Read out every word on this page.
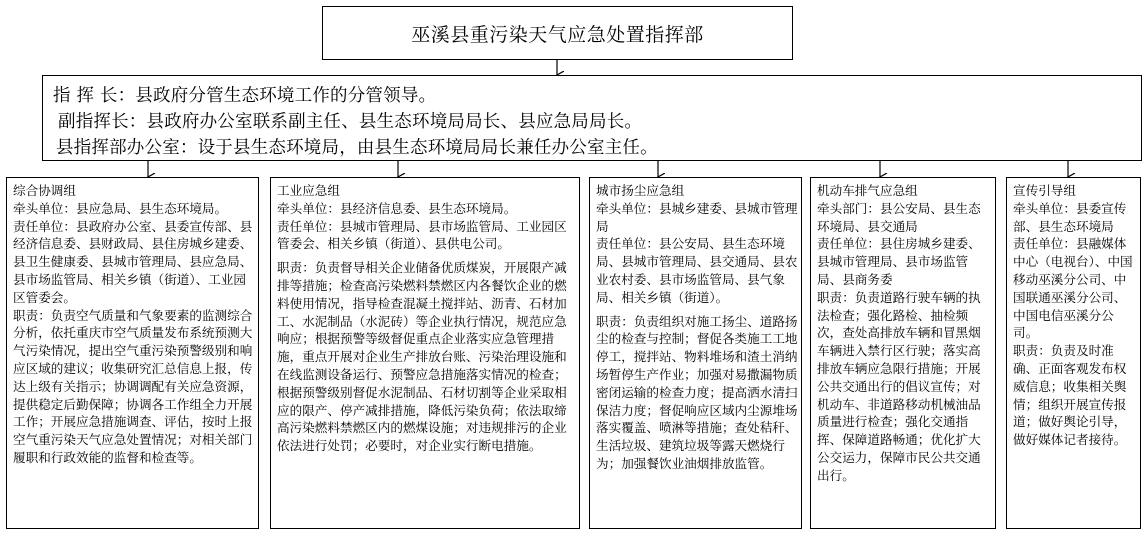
巫溪县重污染天气应急处置指挥部
指 挥 长：县政府分管生态环境工作的分管领导。
副指挥长：县政府办公室联系副主任、县生态环境局局长、县应急局局长。
县指挥部办公室：设于县生态环境局，由县生态环境局局长兼任办公室主任。

综合协调组

牵头单位：县应急局、县生态环境局。

责任单位：县政府办公室、县委宣传部、县经济信息委、县财政局、县住房城乡建委、县卫生健康委、县城市管理局、县应急局、县市场监管局、相关乡镇（街道）、工业园区管委会。

职责：负责空气质量和气象要素的监测综合分析，依托重庆市空气质量发布系统预测大气污染情况，提出空气重污染预警级别和响应区域的建议；收集研究汇总信息上报，传达上级有关指示；协调调配有关应急资源，提供稳定后勤保障；协调各工作组全力开展工作；开展应急措施调查、评估，按时上报空气重污染天气应急处置情况；对相关部门履职和行政效能的监督和检查等。

工业应急组

牵头单位：县经济信息委、县生态环境局。

责任单位：县城市管理局、县市场监管局、工业园区管委会、相关乡镇（街道）、县供电公司。

职责：负责督导相关企业储备优质煤炭，开展限产减排等措施；检查高污染燃料禁燃区内各餐饮企业的燃料使用情况，指导检查混凝土搅拌站、沥青、石材加工、水泥制品（水泥砖）等企业执行情况，规范应急响应；根据预警等级督促重点企业落实应急管理措施，重点开展对企业生产排放台账、污染治理设施和在线监测设备运行、预警应急措施落实情况的检查；根据预警级别督促水泥制品、石材切割等企业采取相应的限产、停产减排措施，降低污染负荷；依法取缔高污染燃料禁燃区内的燃煤设施；对违规排污的企业依法进行处罚；必要时，对企业实行断电措施。

城市扬尘应急组

牵头单位：县城乡建委、县城市管理局

责任单位：县公安局、县生态环境局、县城市管理局、县交通局、县农业农村委、县市场监管局、县气象局、相关乡镇（街道）。

职责：负责组织对施工扬尘、道路扬尘的检查与控制；督促各类施工工地停工，搅拌站、物料堆场和渣土消纳场暂停生产作业；加强对易撒漏物质密闭运输的检查力度；提高洒水清扫保洁力度；督促响应区域内尘源堆场落实覆盖、喷淋等措施；查处秸秆、生活垃圾、建筑垃圾等露天燃烧行为；加强餐饮业油烟排放监管。

机动车排气应急组

牵头部门：县公安局、县生态环境局、县交通局

责任单位：县住房城乡建委、县城市管理局、县市场监管局、县商务委

职责：负责道路行驶车辆的执法检查；强化路检、抽检频次，查处高排放车辆和冒黑烟车辆进入禁行区行驶；落实高排放车辆应急限行措施；开展公共交通出行的倡议宣传；对机动车、非道路移动机械油品质量进行检查；强化交通指挥、保障道路畅通；优化扩大公交运力，保障市民公共交通出行。

宣传引导组

牵头单位：县委宣传部、县生态环境局

责任单位：县融媒体中心（电视台）、中国移动巫溪分公司、中国联通巫溪分公司、中国电信巫溪分公司。

职责：负责及时准确、正面客观发布权威信息；收集相关舆情；组织开展宣传报道；做好舆论引导，做好媒体记者接待。
